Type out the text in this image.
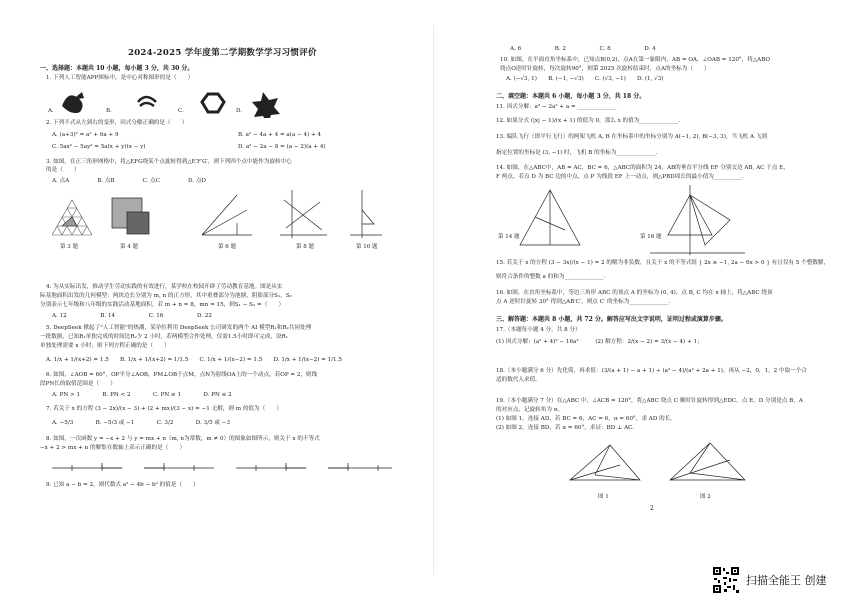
2024-2025 学年度第二学期数学学习习惯评价
一、选择题：本题共 10 小题，每小题 3 分，共 30 分。
1. 下列人工智能APP图标中，是中心对称图形的是（　　）
A.	B.	C.	D.
2. 下列不式从左到右的变形，因式分解正确的是（　　）
A. (a+3)² = a² + 6a + 9	B. a² − 4a + 4 = a(a − 4) + 4
C. 5ax² − 5ay² = 5a(x + y)(x − y)	D. a² − 2a − 8 = (a − 2)(a + 4)
3. 如图，在正三角形网格中，将△EFG绕某个点旋转得到△E′F′G′，则下列四个点中能作为旋转中心
的是（　　）
A. 点A　　　　　B. 点B　　　　　C. 点C　　　　　D. 点D
第 3 题	第 4 题	第 6 题	第 8 题	第 10 题
4. 为从实际出发，推动学生劳动实践的有效进行，某学校在校园开辟了劳动教育基地。图是从实
际基地面积出发的几何模型：两块边长分别为 m, n 的正方形，其中重叠部分为池塘，阴影部分S₁，S₂
分别表示七年级和八年级的实践活动基地面积。若 m + n = 8，mn = 15，则S₁ − S₂ =（　　）
A. 12　　　　　　B. 14　　　　　　C. 16　　　　　　D. 22
5. DeepSeek 掀起了"人工智能"的热潮，某单位利用 DeepSeek 公司研发的两个 AI 模型R₁和R₂共同处理
一批数据，已知R₁单独完成的时间比R₂少 2 小时，若两模型合作处理，仅需1.5小时即可完成，设R₁
单独处理需要 x 小时，则下列方程正确的是（　　）
A. 1/x + 1/(x+2) = 1.5　　B. 1/x + 1/(x+2) = 1/1.5　　C. 1/x + 1/(x−2) = 1.5　　D. 1/x + 1/(x−2) = 1/1.5
6. 如图，∠AOB = 60°，OP平分∠AOB，PM⊥OB于点M，点N为射线OA上的一个动点，若OP = 2，则线
段PN长的取值范围是（　　）
A. PN > 1　　　　B. PN < 2　　　　C. PN ≥ 1　　　　D. PN ≤ 2
7. 若关于 x 的方程 (3 − 2x)/(x − 3) + (2 + mx)/(3 − x) = −1 无解，则 m 的值为（　　）
A. −5/3　　　　B. −5/3 或 −1　　　　C. 3/2　　　　D. 3/5 或 −3
8. 如图，一次函数 y = −x + 2 与 y = mx + n（m, n为常数，m ≠ 0）的图象如图所示，则关于 x 的不等式
−x + 2 > mx + n 的解集在数轴上表示正确的是（　　）
9. 已知 a − b = 2，则代数式 a² − 4b − b² 的值是（　　）
A. 6　　　　　　B. 2　　　　　　C. 8　　　　　　D. 4
10. 如图，在平面直角坐标系中，已知点B(0,2)，点A在第一象限内，AB = OA，∠OAB = 120°，将△ABO
绕点O逆时针旋转，每次旋转90°，则第 2025 次旋转结束时，点A的坐标为（　　）
A. (−√3, 1)　　B. (−1, −√3)　　C. (√3, −1)　　D. (1, √3)
二、填空题：本题共 6 小题，每小题 3 分，共 18 分。
11. 因式分解：a³ − 2a² + a = ______________
12. 如果分式 (|x| − 1)/(x + 1) 的值为 0，那么 x 的值为______________.
13. 编队飞行（即平行飞行）的两架飞机 A, B 在坐标系中的坐标分别为 A(−1, 2), B(−3, 3)，当飞机 A 飞到
指定位置的坐标是 (3, −1) 时，飞机 B 的坐标为______________.
14. 如图，在△ABC中，AB = AC，BC = 6，△ABC的面积为 24，AB的垂直平分线 EF 分别交边 AB, AC 于点 E，
F 两点，若点 D 为 BC 边的中点，点 P 为线段 EF 上一动点，则△PBD周长的最小值为__________.
第 14 题	第 16 题
15. 若关于 x 的方程 (3 − 3x)/(x − 1) = 2 的解为非负数，且关于 x 的不等式组 { 2x ≥ −1, 2a − 6x > 0 } 有且仅有 5 个整数解，
则符合条件的整数 a 的和为______________.
16. 如图，在直角坐标系中，等边三角形 ABC 的顶点 A 的坐标为 (0, 4)，点 B, C 均在 x 轴上，将△ABC 绕顶
点 A 逆时针旋转 30° 得到△AB′C′，则点 C′ 的坐标为______________.
三、解答题：本题共 8 小题，共 72 分。解答应写出文字说明，证明过程或演算步骤。
17.（本题每小题 4 分，共 8 分）
(1) 因式分解：(a² + 4)² − 16a²　　　(2) 解方程：2/(x − 2) = 3/(x − 4) + 1；
18.（本小题满分 6 分）先化简，再求值：(3/(a + 1) − a + 1) ÷ (a² − 4)/(a² + 2a + 1)，再从 −2，0，1，2 中取一个合
适的数代入求值。
19.（本小题满分 7 分）在△ABC 中，∠ACB = 120°，将△ABC 绕点 C 顺时针旋转得到△EDC，点 E，D 分别是点 B，A
的对应点，记旋转角为 α。
(1) 如图 1，连接 AD，若 BC = 6，AC = 6，α = 60°，求 AD 的长。
(2) 如图 2，连接 BD，若 α = 60°，求证：BD ⊥ AC.
图 1	图 2
2
扫描全能王 创建
